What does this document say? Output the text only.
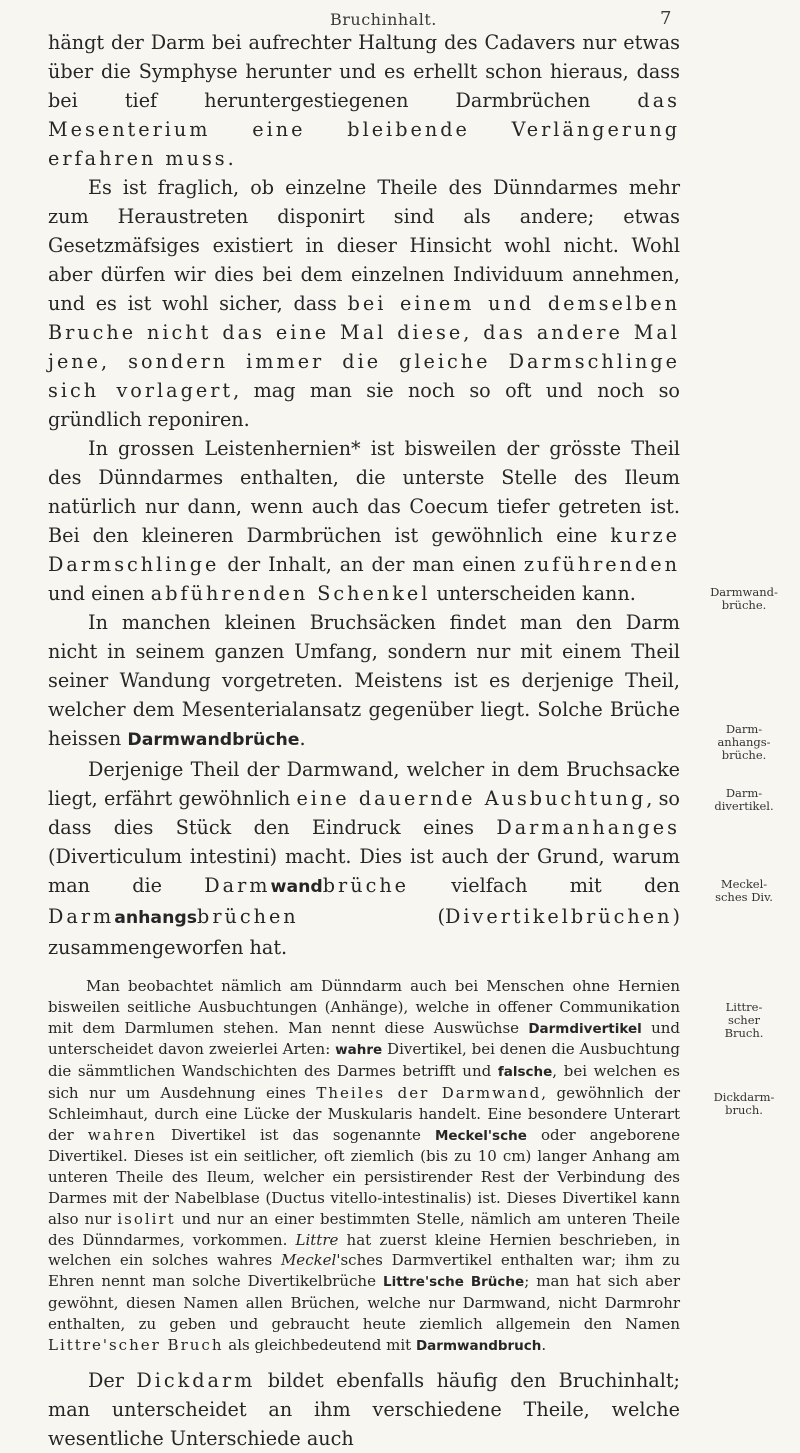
Bruchinhalt.	7

hängt der Darm bei aufrechter Haltung des Cadavers nur etwas über die Symphyse herunter und es erhellt schon hieraus, dass bei tief heruntergestiegenen Darmbrüchen das Mesenterium eine bleibende Verlängerung erfahren muss.

Es ist fraglich, ob einzelne Theile des Dünndarmes mehr zum Heraustreten disponirt sind als andere; etwas Gesetzmäfsiges existiert in dieser Hinsicht wohl nicht. Wohl aber dürfen wir dies bei dem einzelnen Individuum annehmen, und es ist wohl sicher, dass bei einem und demselben Bruche nicht das eine Mal diese, das andere Mal jene, sondern immer die gleiche Darmschlinge sich vorlagert, mag man sie noch so oft und noch so gründlich reponiren.

In grossen Leistenhernien* ist bisweilen der grösste Theil des Dünndarmes enthalten, die unterste Stelle des Ileum natürlich nur dann, wenn auch das Coecum tiefer getreten ist. Bei den kleineren Darmbrüchen ist gewöhnlich eine kurze Darmschlinge der Inhalt, an der man einen zuführenden und einen abführenden Schenkel unterscheiden kann.

In manchen kleinen Bruchsäcken findet man den Darm nicht in seinem ganzen Umfang, sondern nur mit einem Theil seiner Wandung vorgetreten. Meistens ist es derjenige Theil, welcher dem Mesenterialansatz gegenüber liegt. Solche Brüche heissen Darmwandbrüche.

Derjenige Theil der Darmwand, welcher in dem Bruchsacke liegt, erfährt gewöhnlich eine dauernde Ausbuchtung, so dass dies Stück den Eindruck eines Darmanhanges (Diverticulum intestini) macht. Dies ist auch der Grund, warum man die Darmwandbrüche vielfach mit den Darmanhangsbrüchen (Divertikelbrüchen) zusammengeworfen hat.

Man beobachtet nämlich am Dünndarm auch bei Menschen ohne Hernien bisweilen seitliche Ausbuchtungen (Anhänge), welche in offener Communikation mit dem Darmlumen stehen. Man nennt diese Auswüchse Darmdivertikel und unterscheidet davon zweierlei Arten: wahre Divertikel, bei denen die Ausbuchtung die sämmtlichen Wandschichten des Darmes betrifft und falsche, bei welchen es sich nur um Ausdehnung eines Theiles der Darmwand, gewöhnlich der Schleimhaut, durch eine Lücke der Muskularis handelt. Eine besondere Unterart der wahren Divertikel ist das sogenannte Meckel'sche oder angeborene Divertikel. Dieses ist ein seitlicher, oft ziemlich (bis zu 10 cm) langer Anhang am unteren Theile des Ileum, welcher ein persistirender Rest der Verbindung des Darmes mit der Nabelblase (Ductus vitello-intestinalis) ist. Dieses Divertikel kann also nur isolirt und nur an einer bestimmten Stelle, nämlich am unteren Theile des Dünndarmes, vorkommen. Littre hat zuerst kleine Hernien beschrieben, in welchen ein solches wahres Meckel'sches Darmvertikel enthalten war; ihm zu Ehren nennt man solche Divertikelbrüche Littre'sche Brüche; man hat sich aber gewöhnt, diesen Namen allen Brüchen, welche nur Darmwand, nicht Darmrohr enthalten, zu geben und gebraucht heute ziemlich allgemein den Namen Littre'scher Bruch als gleichbedeutend mit Darmwandbruch.

Der Dickdarm bildet ebenfalls häufig den Bruchinhalt; man unterscheidet an ihm verschiedene Theile, welche wesentliche Unterschiede auch

Darmwand-
brüche.
Darm-
anhangs-
brüche.
Darm-
divertikel.
Meckel-
sches Div.
Littre-
scher
Bruch.
Dickdarm-
bruch.
